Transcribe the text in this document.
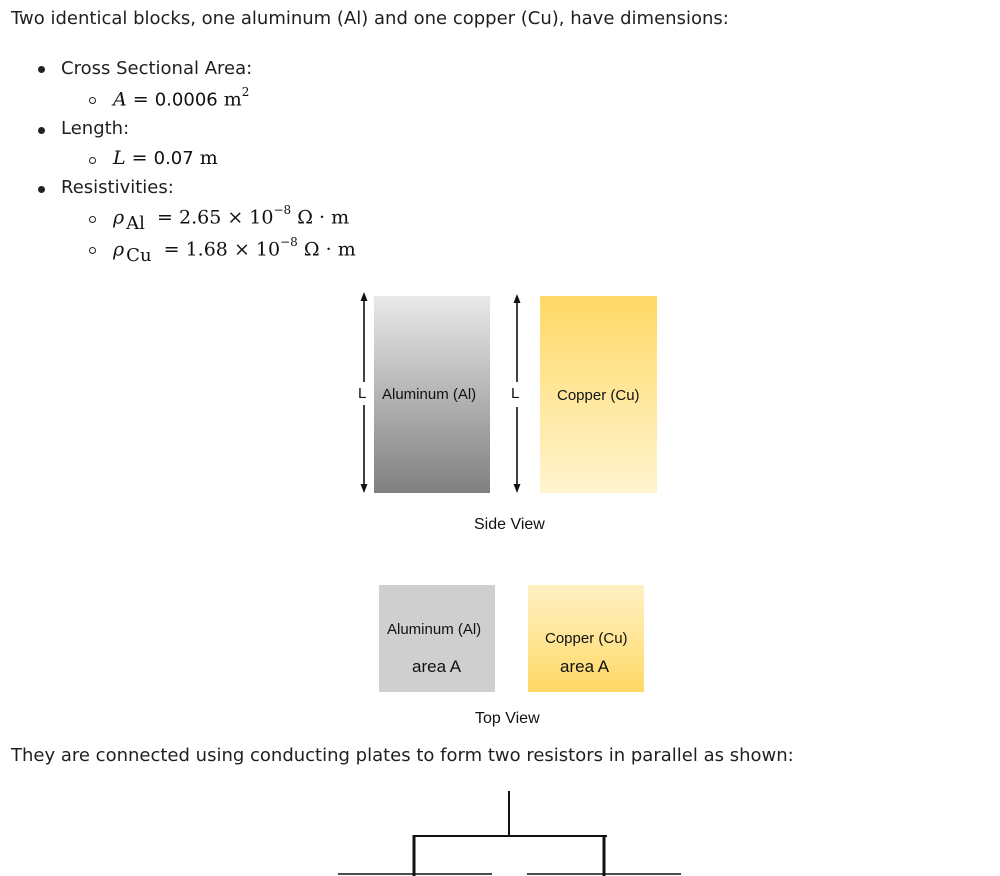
Two identical blocks, one aluminum (Al) and one copper (Cu), have dimensions:
Cross Sectional Area:
A = 0.0006 $m^2$
Length:
L = 0.07 m
Resistivities:
ρ $Al = 2.65 \times 10^{-8}$ Ω · m
ρ $Cu = 1.68 \times 10^{-8}$ Ω · m
L Aluminum (Al) L	Copper (Cu)
Side View
Aluminum (Al)
area A
Copper (Cu)
area A
Top View
They are connected using conducting plates to form two resistors in parallel as shown:
